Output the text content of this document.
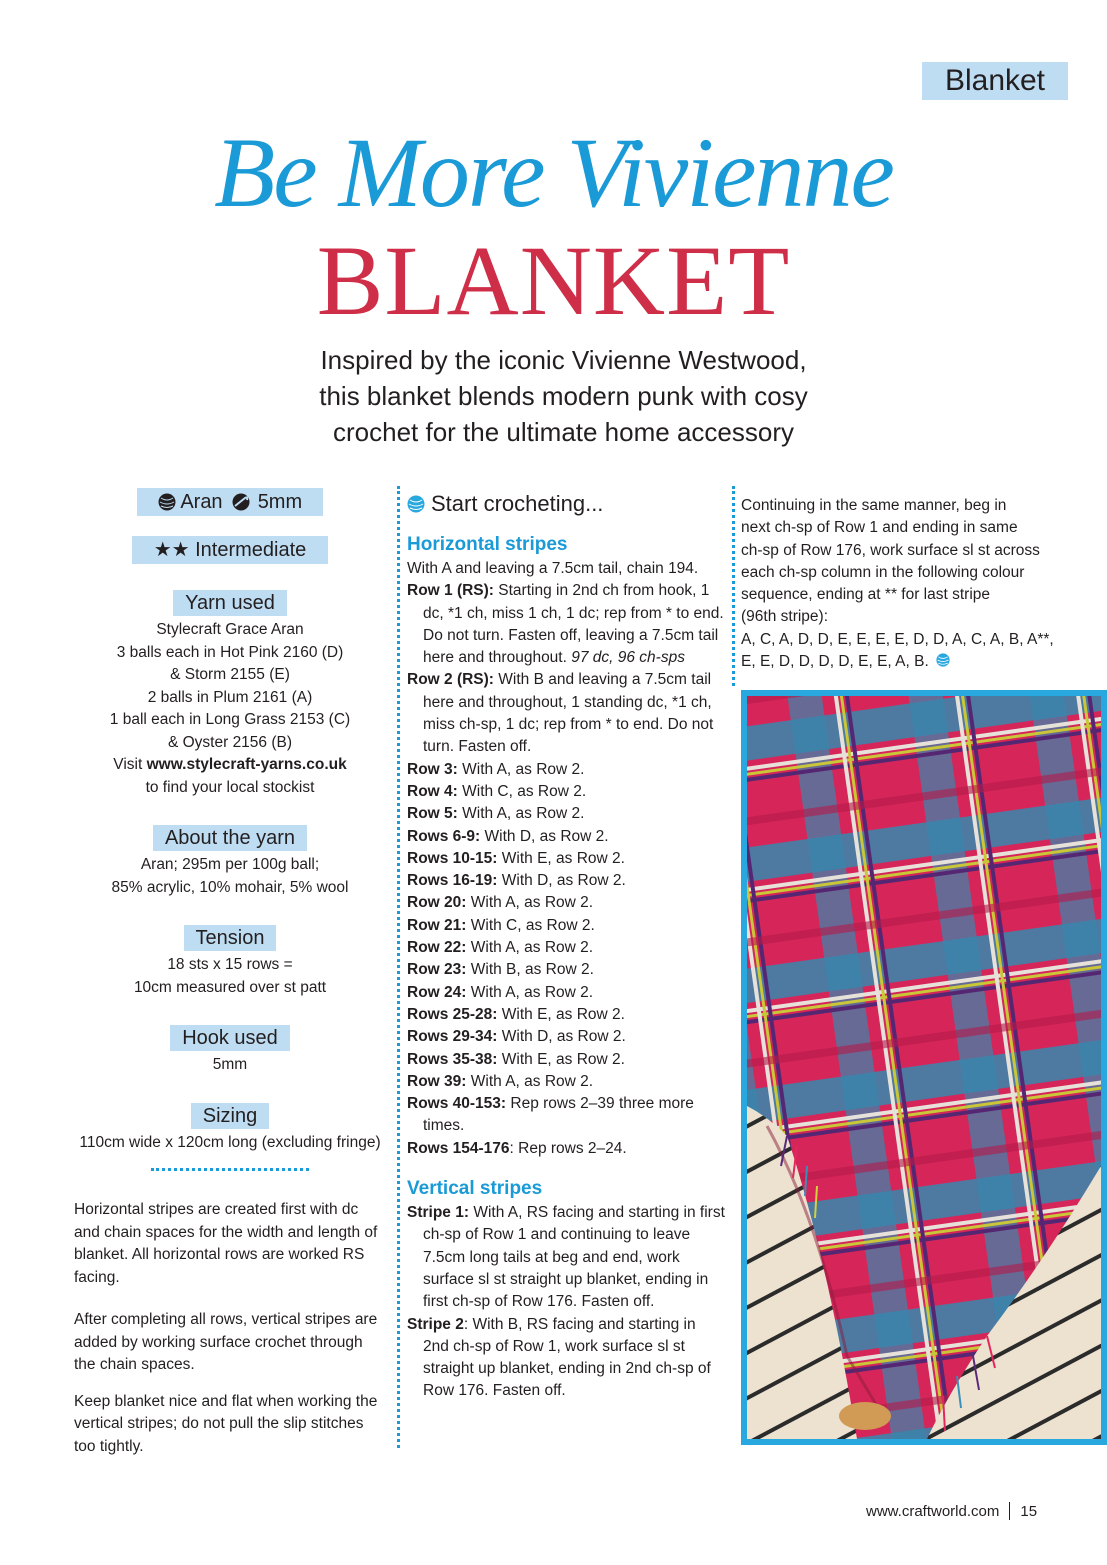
Blanket
Be More Vivienne
BLANKET
Inspired by the iconic Vivienne Westwood,
this blanket blends modern punk with cosy
crochet for the ultimate home accessory
Aran 5mm
★★ Intermediate
Yarn used
Stylecraft Grace Aran
3 balls each in Hot Pink 2160 (D)
& Storm 2155 (E)
2 balls in Plum 2161 (A)
1 ball each in Long Grass 2153 (C)
& Oyster 2156 (B)
Visit www.stylecraft-yarns.co.uk
to find your local stockist
About the yarn
Aran; 295m per 100g ball;
85% acrylic, 10% mohair, 5% wool
Tension
18 sts x 15 rows =
10cm measured over st patt
Hook used
5mm
Sizing
110cm wide x 120cm long (excluding fringe)
Horizontal stripes are created first with dc and chain spaces for the width and length of blanket. All horizontal rows are worked RS facing.
After completing all rows, vertical stripes are added by working surface crochet through the chain spaces.
Keep blanket nice and flat when working the vertical stripes; do not pull the slip stitches too tightly.
Start crocheting...
Horizontal stripes
With A and leaving a 7.5cm tail, chain 194.
Row 1 (RS): Starting in 2nd ch from hook, 1 dc, *1 ch, miss 1 ch, 1 dc; rep from * to end. Do not turn. Fasten off, leaving a 7.5cm tail here and throughout. 97 dc, 96 ch-sps
Row 2 (RS): With B and leaving a 7.5cm tail here and throughout, 1 standing dc, *1 ch, miss ch-sp, 1 dc; rep from * to end. Do not turn. Fasten off.
Row 3: With A, as Row 2.
Row 4: With C, as Row 2.
Row 5: With A, as Row 2.
Rows 6-9: With D, as Row 2.
Rows 10-15: With E, as Row 2.
Rows 16-19: With D, as Row 2.
Row 20: With A, as Row 2.
Row 21: With C, as Row 2.
Row 22: With A, as Row 2.
Row 23: With B, as Row 2.
Row 24: With A, as Row 2.
Rows 25-28: With E, as Row 2.
Rows 29-34: With D, as Row 2.
Rows 35-38: With E, as Row 2.
Row 39: With A, as Row 2.
Rows 40-153: Rep rows 2–39 three more times.
Rows 154-176: Rep rows 2–24.
Vertical stripes
Stripe 1: With A, RS facing and starting in first ch-sp of Row 1 and continuing to leave 7.5cm long tails at beg and end, work surface sl st straight up blanket, ending in first ch-sp of Row 176. Fasten off.
Stripe 2: With B, RS facing and starting in 2nd ch-sp of Row 1, work surface sl st straight up blanket, ending in 2nd ch-sp of Row 176. Fasten off.
Continuing in the same manner, beg in
next ch-sp of Row 1 and ending in same
ch-sp of Row 176, work surface sl st across
each ch-sp column in the following colour
sequence, ending at ** for last stripe
(96th stripe):
A, C, A, D, D, E, E, E, E, D, D, A, C, A, B, A**,
E, E, D, D, D, D, E, E, A, B.
www.craftworld.com 15
